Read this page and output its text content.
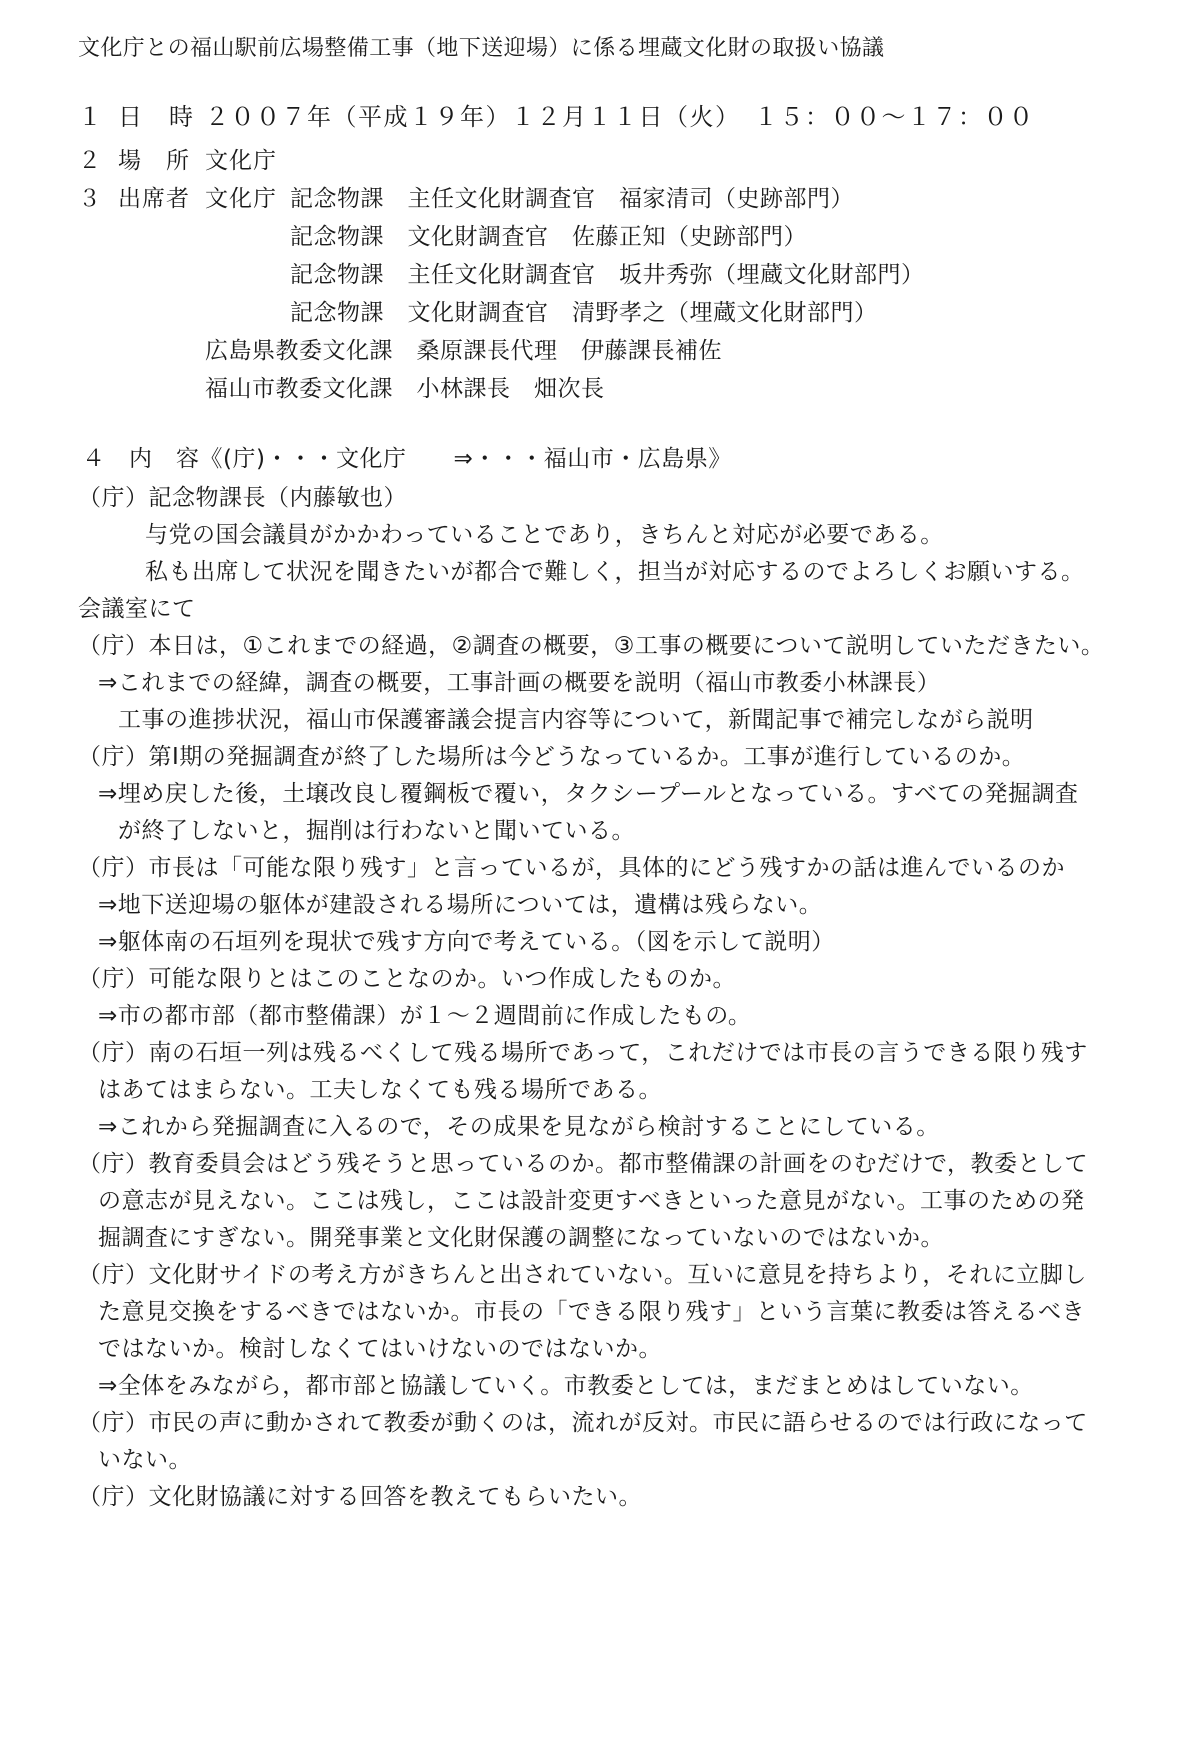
文化庁との福山駅前広場整備工事（地下送迎場）に係る埋蔵文化財の取扱い協議
１ 日　時 ２００７年（平成１９年）１２月１１日（火）　１５：００～１７：００
２ 場　所 文化庁
３ 出席者 文化庁 記念物課　主任文化財調査官　福家清司（史跡部門）
記念物課　文化財調査官　佐藤正知（史跡部門）
記念物課　主任文化財調査官　坂井秀弥（埋蔵文化財部門）
記念物課　文化財調査官　清野孝之（埋蔵文化財部門）
広島県教委文化課　桑原課長代理　伊藤課長補佐
福山市教委文化課　小林課長　畑次長
４　内　容《(庁)・・・文化庁　　⇒・・・福山市・広島県》
（庁）記念物課長（内藤敏也）
与党の国会議員がかかわっていることであり，きちんと対応が必要である。
私も出席して状況を聞きたいが都合で難しく，担当が対応するのでよろしくお願いする。
会議室にて
（庁）本日は，①これまでの経過，②調査の概要，③工事の概要について説明していただきたい。
⇒これまでの経緯，調査の概要，工事計画の概要を説明（福山市教委小林課長）
工事の進捗状況，福山市保護審議会提言内容等について，新聞記事で補完しながら説明
（庁）第Ⅰ期の発掘調査が終了した場所は今どうなっているか。工事が進行しているのか。
⇒埋め戻した後，土壌改良し覆鋼板で覆い，タクシープールとなっている。すべての発掘調査
が終了しないと，掘削は行わないと聞いている。
（庁）市長は「可能な限り残す」と言っているが，具体的にどう残すかの話は進んでいるのか
⇒地下送迎場の躯体が建設される場所については，遺構は残らない。
⇒躯体南の石垣列を現状で残す方向で考えている。（図を示して説明）
（庁）可能な限りとはこのことなのか。いつ作成したものか。
⇒市の都市部（都市整備課）が１～２週間前に作成したもの。
（庁）南の石垣一列は残るべくして残る場所であって，これだけでは市長の言うできる限り残す
はあてはまらない。工夫しなくても残る場所である。
⇒これから発掘調査に入るので，その成果を見ながら検討することにしている。
（庁）教育委員会はどう残そうと思っているのか。都市整備課の計画をのむだけで，教委として
の意志が見えない。ここは残し，ここは設計変更すべきといった意見がない。工事のための発
掘調査にすぎない。開発事業と文化財保護の調整になっていないのではないか。
（庁）文化財サイドの考え方がきちんと出されていない。互いに意見を持ちより，それに立脚し
た意見交換をするべきではないか。市長の「できる限り残す」という言葉に教委は答えるべき
ではないか。検討しなくてはいけないのではないか。
⇒全体をみながら，都市部と協議していく。市教委としては，まだまとめはしていない。
（庁）市民の声に動かされて教委が動くのは，流れが反対。市民に語らせるのでは行政になって
いない。
（庁）文化財協議に対する回答を教えてもらいたい。
